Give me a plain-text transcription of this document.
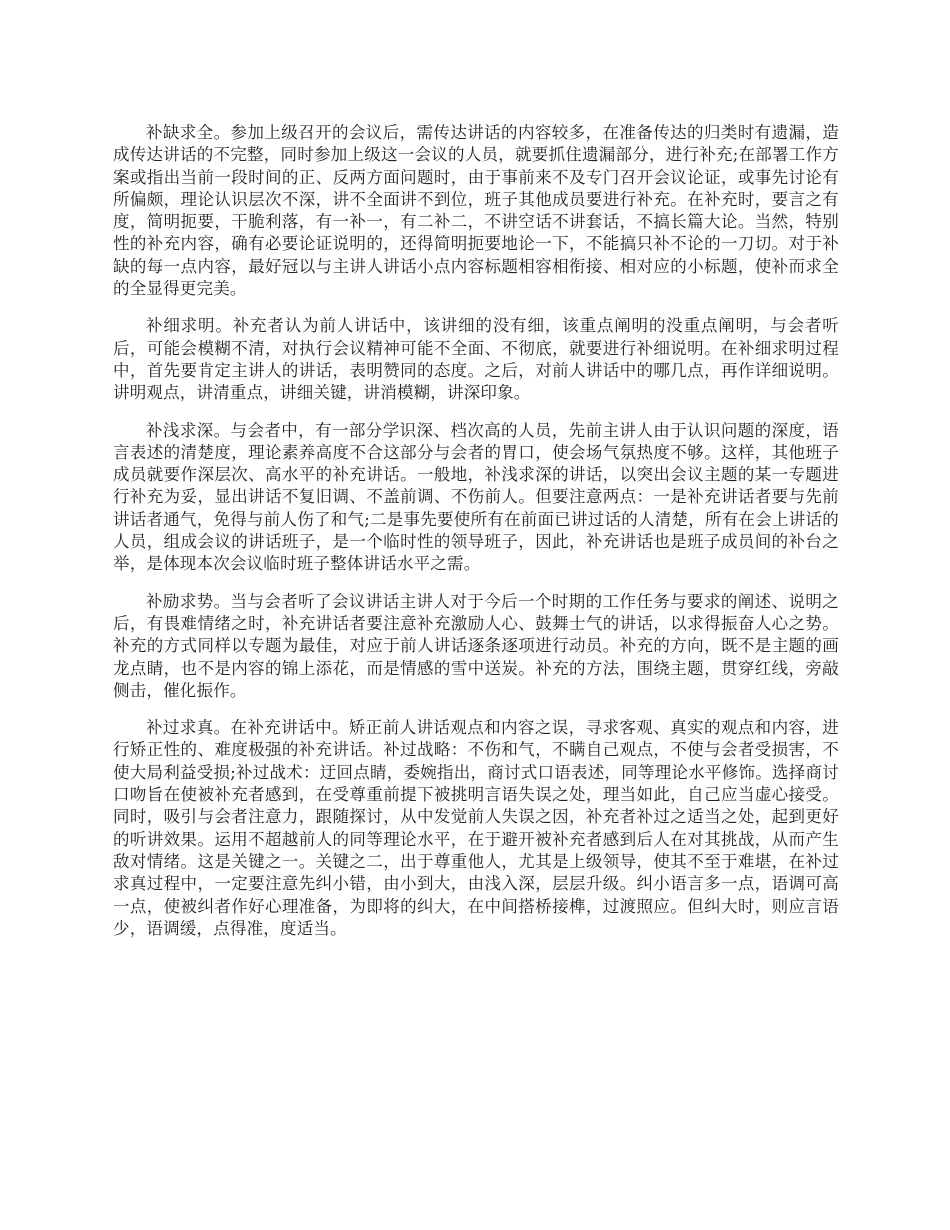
补缺求全。参加上级召开的会议后，需传达讲话的内容较多，在准备传达的归类时有遗漏，造成传达讲话的不完整，同时参加上级这一会议的人员，就要抓住遗漏部分，进行补充;在部署工作方案或指出当前一段时间的正、反两方面问题时，由于事前来不及专门召开会议论证，或事先讨论有所偏颇，理论认识层次不深，讲不全面讲不到位，班子其他成员要进行补充。在补充时，要言之有度，简明扼要，干脆利落，有一补一，有二补二，不讲空话不讲套话，不搞长篇大论。当然，特别性的补充内容，确有必要论证说明的，还得简明扼要地论一下，不能搞只补不论的一刀切。对于补缺的每一点内容，最好冠以与主讲人讲话小点内容标题相容相衔接、相对应的小标题，使补而求全的全显得更完美。

补细求明。补充者认为前人讲话中，该讲细的没有细，该重点阐明的没重点阐明，与会者听后，可能会模糊不清，对执行会议精神可能不全面、不彻底，就要进行补细说明。在补细求明过程中，首先要肯定主讲人的讲话，表明赞同的态度。之后，对前人讲话中的哪几点，再作详细说明。讲明观点，讲清重点，讲细关键，讲消模糊，讲深印象。

补浅求深。与会者中，有一部分学识深、档次高的人员，先前主讲人由于认识问题的深度，语言表述的清楚度，理论素养高度不合这部分与会者的胃口，使会场气氛热度不够。这样，其他班子成员就要作深层次、高水平的补充讲话。一般地，补浅求深的讲话，以突出会议主题的某一专题进行补充为妥，显出讲话不复旧调、不盖前调、不伤前人。但要注意两点：一是补充讲话者要与先前讲话者通气，免得与前人伤了和气;二是事先要使所有在前面已讲过话的人清楚，所有在会上讲话的人员，组成会议的讲话班子，是一个临时性的领导班子，因此，补充讲话也是班子成员间的补台之举，是体现本次会议临时班子整体讲话水平之需。

补励求势。当与会者听了会议讲话主讲人对于今后一个时期的工作任务与要求的阐述、说明之后，有畏难情绪之时，补充讲话者要注意补充激励人心、鼓舞士气的讲话，以求得振奋人心之势。补充的方式同样以专题为最佳，对应于前人讲话逐条逐项进行动员。补充的方向，既不是主题的画龙点睛，也不是内容的锦上添花，而是情感的雪中送炭。补充的方法，围绕主题，贯穿红线，旁敲侧击，催化振作。

补过求真。在补充讲话中。矫正前人讲话观点和内容之误，寻求客观、真实的观点和内容，进行矫正性的、难度极强的补充讲话。补过战略：不伤和气，不瞒自己观点，不使与会者受损害，不使大局利益受损;补过战术：迂回点睛，委婉指出，商讨式口语表述，同等理论水平修饰。选择商讨口吻旨在使被补充者感到，在受尊重前提下被挑明言语失误之处，理当如此，自己应当虚心接受。同时，吸引与会者注意力，跟随探讨，从中发觉前人失误之因，补充者补过之适当之处，起到更好的听讲效果。运用不超越前人的同等理论水平，在于避开被补充者感到后人在对其挑战，从而产生敌对情绪。这是关键之一。关键之二，出于尊重他人，尤其是上级领导，使其不至于难堪，在补过求真过程中，一定要注意先纠小错，由小到大，由浅入深，层层升级。纠小语言多一点，语调可高一点，使被纠者作好心理准备，为即将的纠大，在中间搭桥接榫，过渡照应。但纠大时，则应言语少，语调缓，点得准，度适当。
